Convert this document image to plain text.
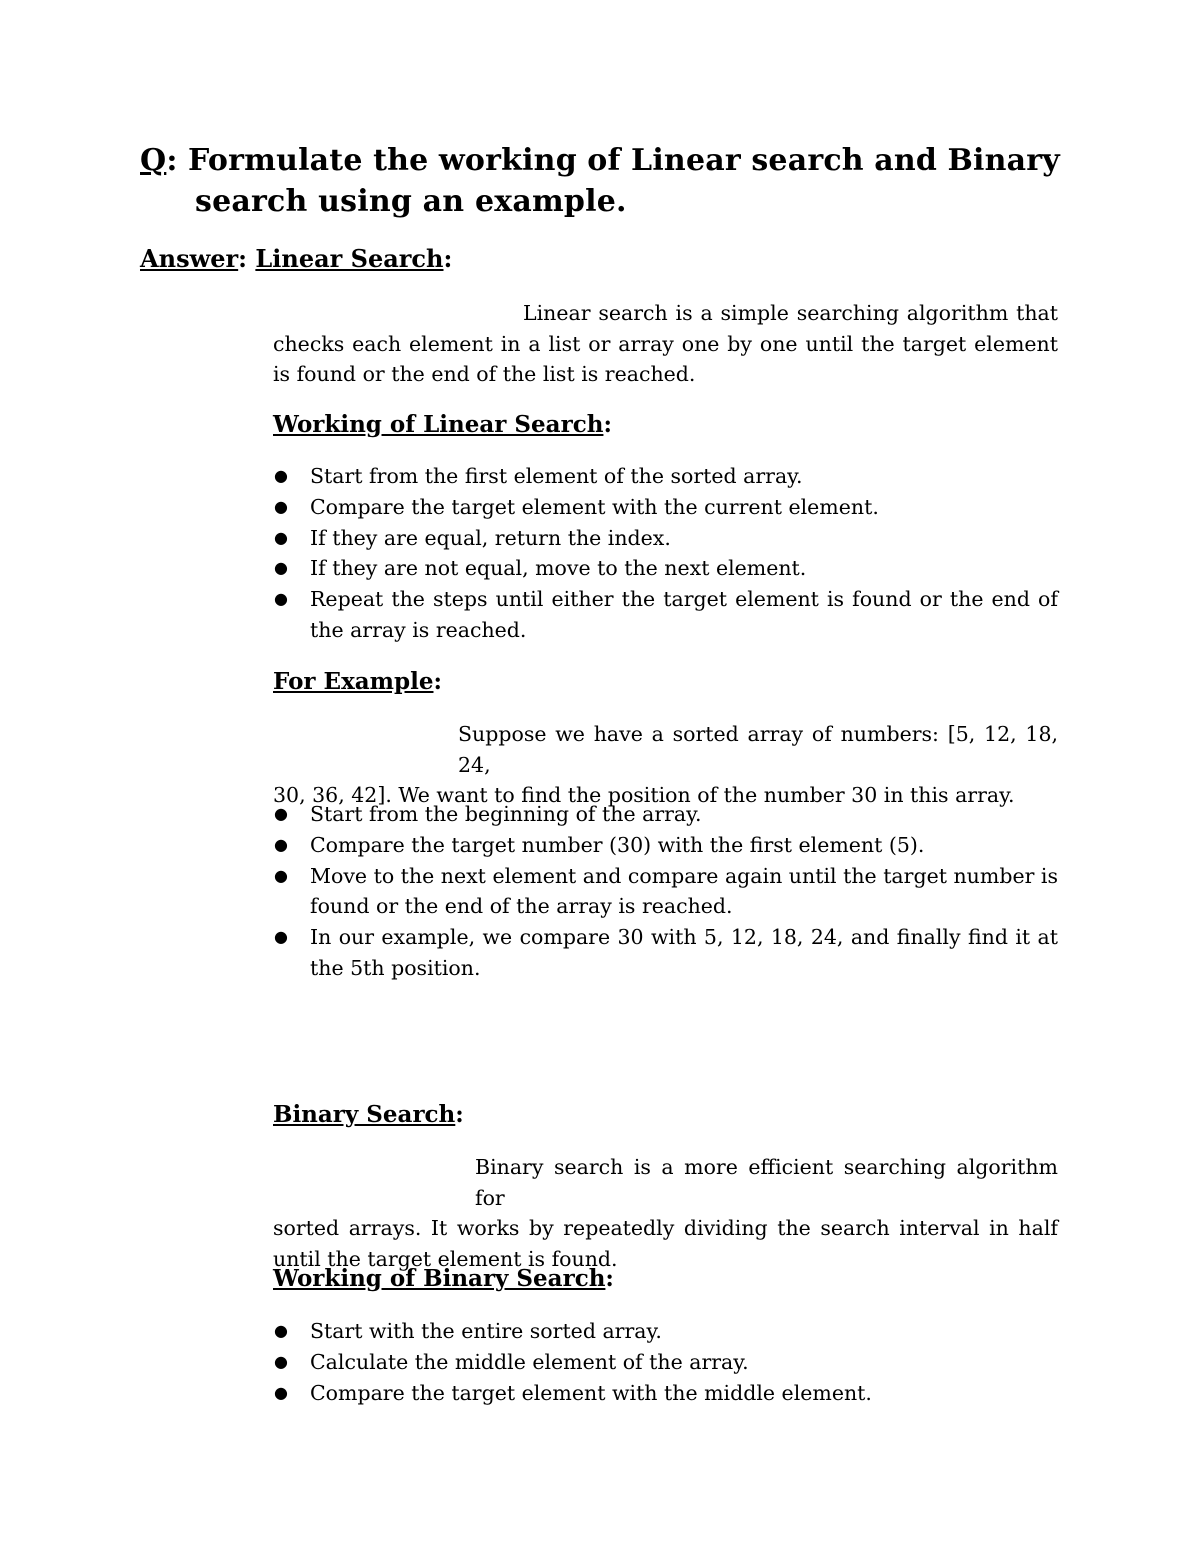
Q: Formulate the working of Linear search and Binary
search using an example.
Answer: Linear Search:
Linear search is a simple searching algorithm that
checks each element in a list or array one by one until the target element is found or the end of the list is reached.
Working of Linear Search:
● Start from the first element of the sorted array.
● Compare the target element with the current element.
● If they are equal, return the index.
● If they are not equal, move to the next element.
● Repeat the steps until either the target element is found or the end of the array is reached.
For Example:
Suppose we have a sorted array of numbers: [5, 12, 18, 24,
30, 36, 42]. We want to find the position of the number 30 in this array.
● Start from the beginning of the array.
● Compare the target number (30) with the first element (5).
● Move to the next element and compare again until the target number is found or the end of the array is reached.
● In our example, we compare 30 with 5, 12, 18, 24, and finally find it at the 5th position.
Binary Search:
Binary search is a more efficient searching algorithm for
sorted arrays. It works by repeatedly dividing the search interval in half until the target element is found.
Working of Binary Search:
● Start with the entire sorted array.
● Calculate the middle element of the array.
● Compare the target element with the middle element.
